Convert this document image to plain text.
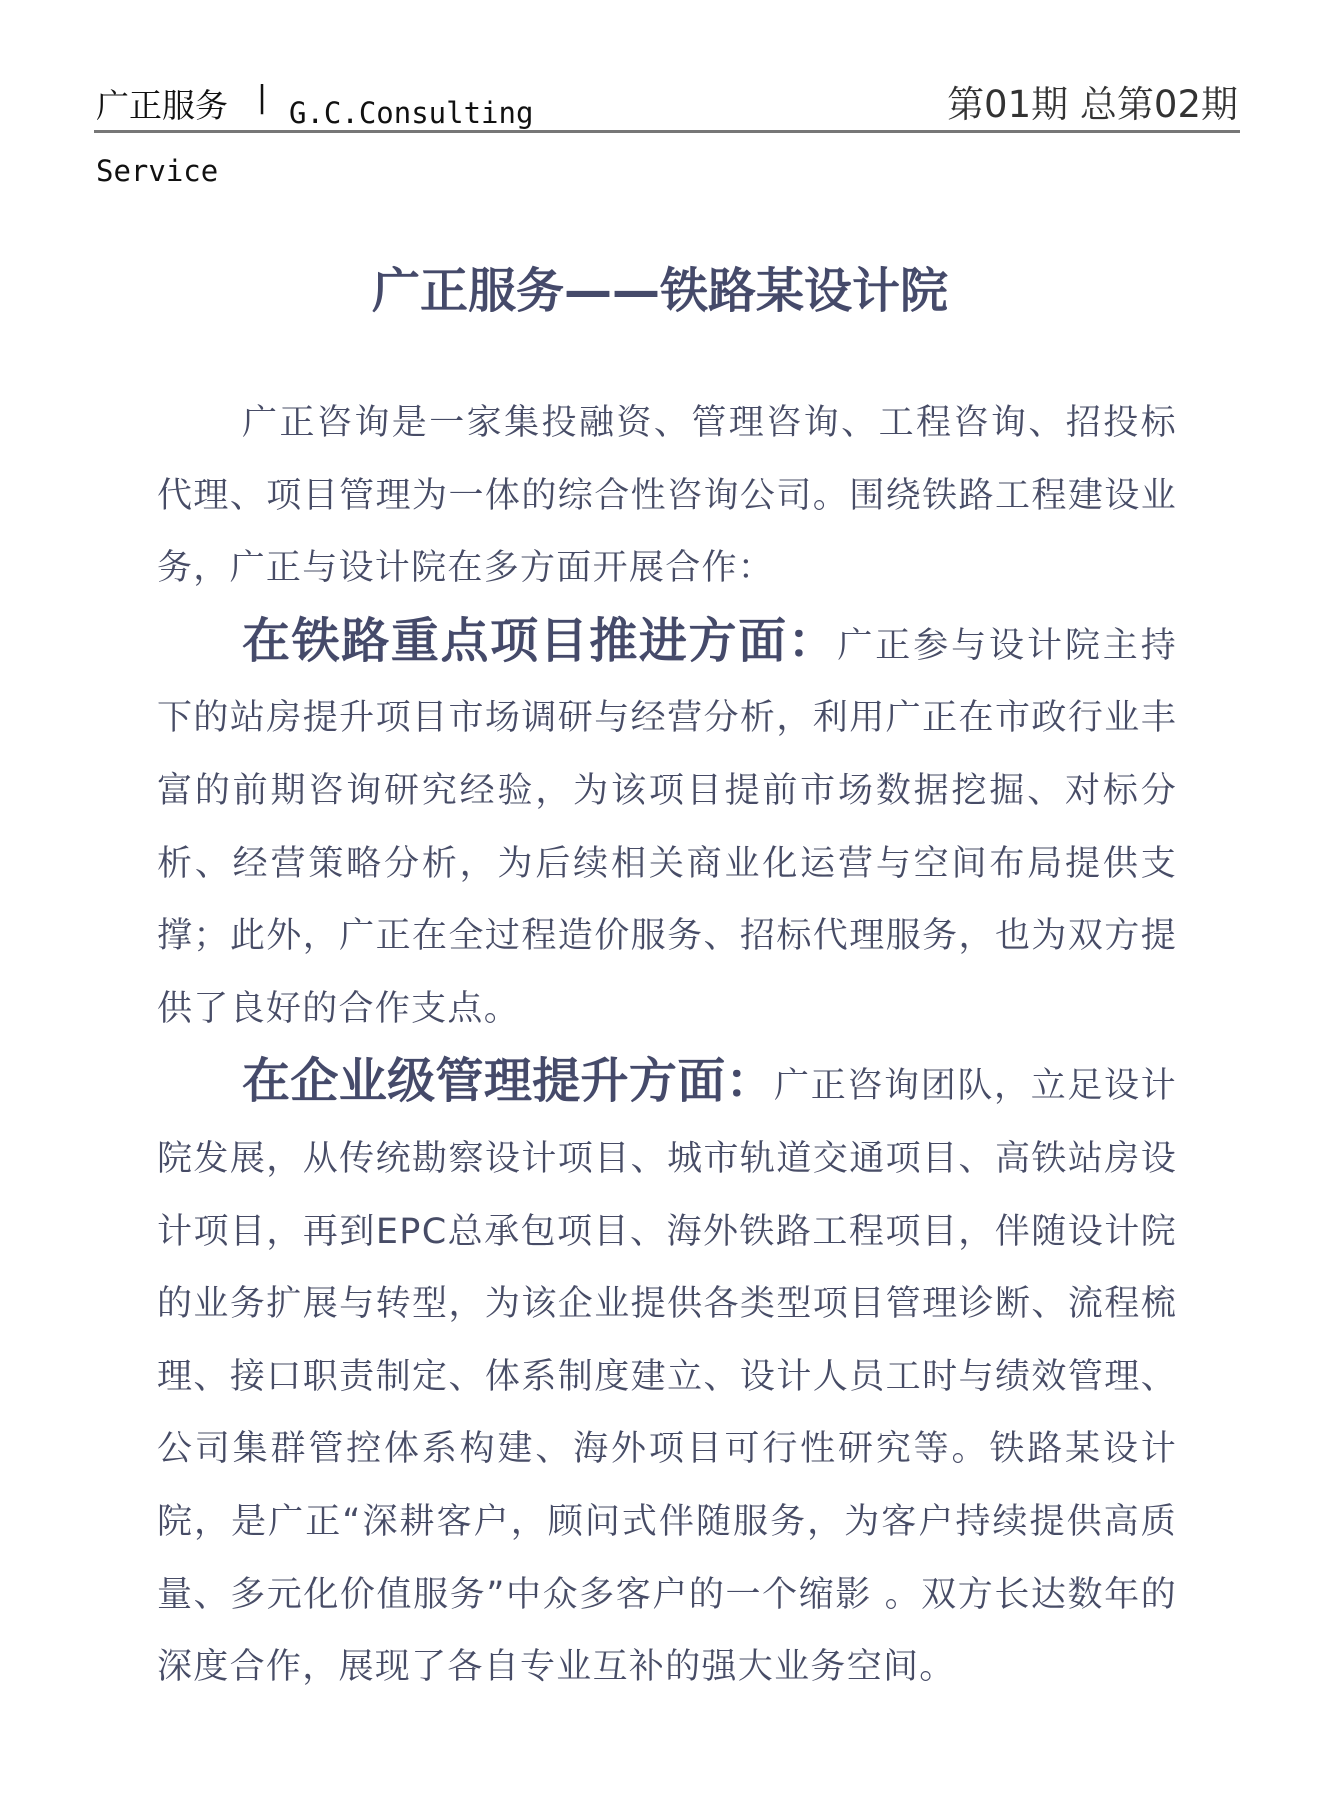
广正服务 | G.C.Consulting Service
第01期 总第02期
广正服务——铁路某设计院

广正咨询是一家集投融资、管理咨询、工程咨询、招投标代理、项目管理为一体的综合性咨询公司。围绕铁路工程建设业务，广正与设计院在多方面开展合作：

在铁路重点项目推进方面：广正参与设计院主持下的站房提升项目市场调研与经营分析，利用广正在市政行业丰富的前期咨询研究经验，为该项目提前市场数据挖掘、对标分析、经营策略分析，为后续相关商业化运营与空间布局提供支撑；此外，广正在全过程造价服务、招标代理服务，也为双方提供了良好的合作支点。

在企业级管理提升方面：广正咨询团队，立足设计院发展，从传统勘察设计项目、城市轨道交通项目、高铁站房设计项目，再到EPC总承包项目、海外铁路工程项目，伴随设计院的业务扩展与转型，为该企业提供各类型项目管理诊断、流程梳理、接口职责制定、体系制度建立、设计人员工时与绩效管理、公司集群管控体系构建、海外项目可行性研究等。铁路某设计院，是广正“深耕客户，顾问式伴随服务，为客户持续提供高质量、多元化价值服务”中众多客户的一个缩影 。双方长达数年的深度合作，展现了各自专业互补的强大业务空间。
